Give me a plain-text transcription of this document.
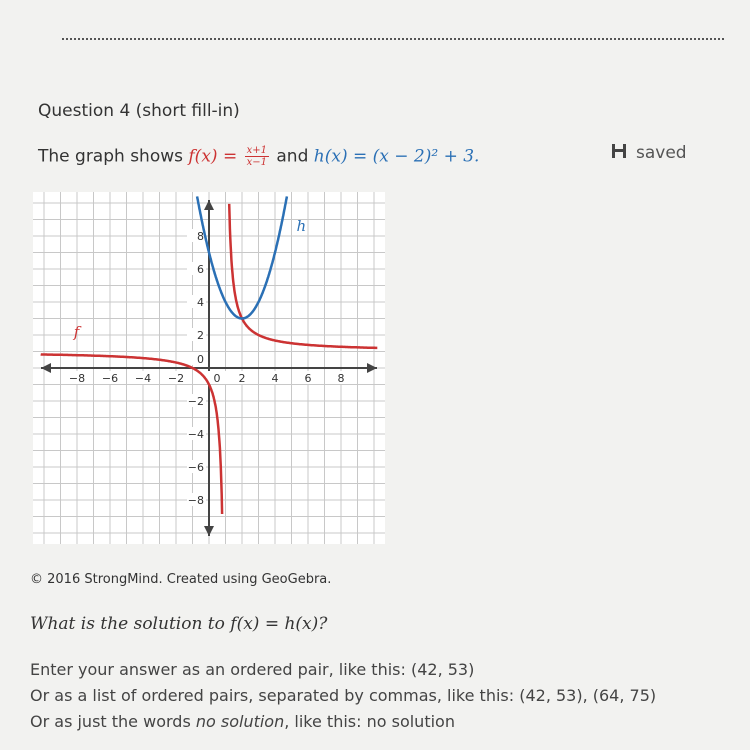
Question 4 (short fill-in)
The graph shows $f(x) = \frac{x+1}{x-1}$ and h(x) = (x − 2)² + 3.	saved
−8 −6 −4 −2	0 2 4 6 8
8
6
4
2
0
−2
−4
−6
−8
f
h
© 2016 StrongMind. Created using GeoGebra.
What is the solution to f(x) = h(x)?
Enter your answer as an ordered pair, like this: (42, 53)
Or as a list of ordered pairs, separated by commas, like this: (42, 53), (64, 75)
Or as just the words no solution, like this: no solution
